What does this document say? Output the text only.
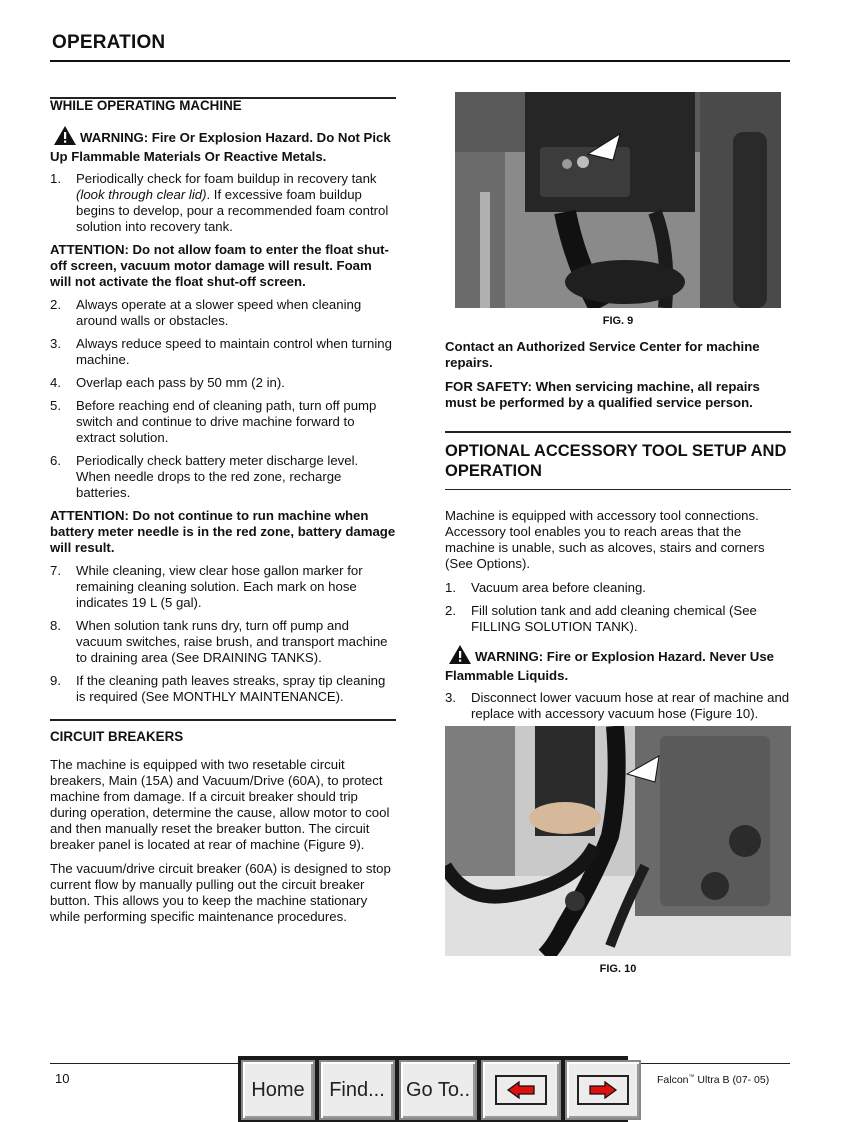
OPERATION
WHILE OPERATING MACHINE
WARNING: Fire Or Explosion Hazard. Do Not Pick Up Flammable Materials Or Reactive Metals.
1. Periodically check for foam buildup in recovery tank (look through clear lid). If excessive foam buildup begins to develop, pour a recommended foam control solution into recovery tank.
ATTENTION: Do not allow foam to enter the float shut-off screen, vacuum motor damage will result. Foam will not activate the float shut-off screen.
2. Always operate at a slower speed when cleaning around walls or obstacles.
3. Always reduce speed to maintain control when turning machine.
4. Overlap each pass by 50 mm (2 in).
5. Before reaching end of cleaning path, turn off pump switch and continue to drive machine forward to extract solution.
6. Periodically check battery meter discharge level. When needle drops to the red zone, recharge batteries.
ATTENTION: Do not continue to run machine when battery meter needle is in the red zone, battery damage will result.
7. While cleaning, view clear hose gallon marker for remaining cleaning solution. Each mark on hose indicates 19 L (5 gal).
8. When solution tank runs dry, turn off pump and vacuum switches, raise brush, and transport machine to draining area (See DRAINING TANKS).
9. If the cleaning path leaves streaks, spray tip cleaning is required (See MONTHLY MAINTENANCE).
CIRCUIT BREAKERS

The machine is equipped with two resetable circuit breakers, Main (15A) and Vacuum/Drive (60A), to protect machine from damage. If a circuit breaker should trip during operation, determine the cause, allow motor to cool and then manually reset the breaker button. The circuit breaker panel is located at rear of machine (Figure 9).

The vacuum/drive circuit breaker (60A) is designed to stop current flow by manually pulling out the circuit breaker button. This allows you to keep the machine stationary while performing specific maintenance procedures.

FIG. 9

Contact an Authorized Service Center for machine repairs.

FOR SAFETY: When servicing machine, all repairs must be performed by a qualified service person.

OPTIONAL ACCESSORY TOOL SETUP AND OPERATION

Machine is equipped with accessory tool connections. Accessory tool enables you to reach areas that the machine is unable, such as alcoves, stairs and corners (See Options).

1. Vacuum area before cleaning.
2. Fill solution tank and add cleaning chemical (See FILLING SOLUTION TANK).
WARNING: Fire or Explosion Hazard. Never Use Flammable Liquids.
3. Disconnect lower vacuum hose at rear of machine and replace with accessory vacuum hose (Figure 10).
FIG. 10
10	Falcon™ Ultra B (07- 05)
Home	Find...	Go To..
